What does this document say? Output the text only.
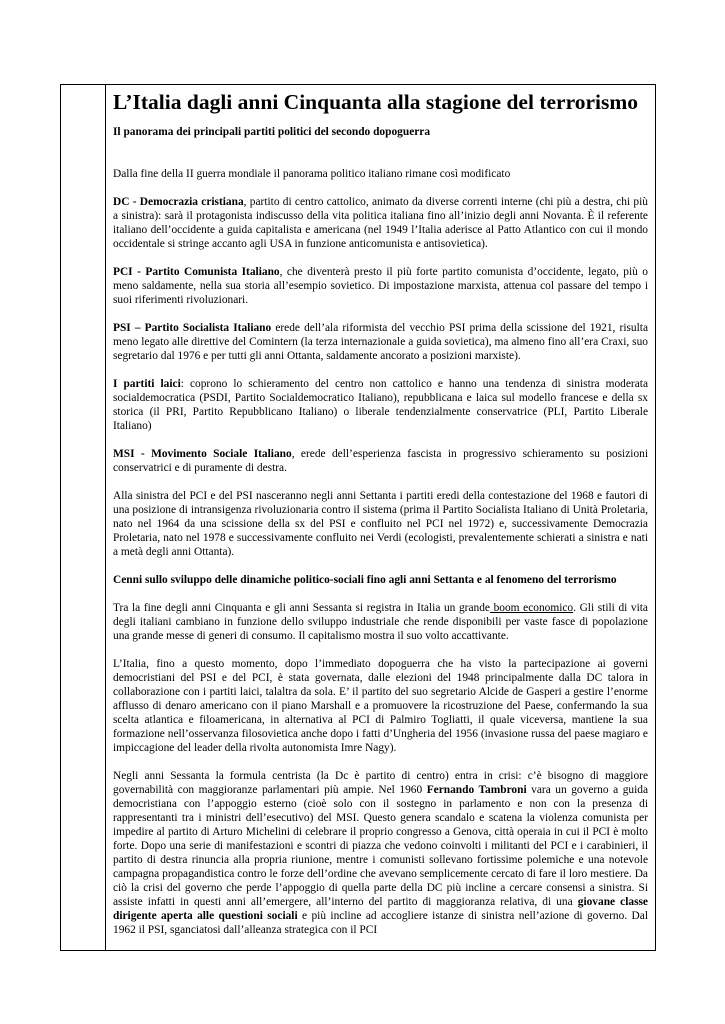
L’Italia dagli anni Cinquanta alla stagione del terrorismo

Il panorama dei principali partiti politici del secondo dopoguerra

Dalla fine della II guerra mondiale il panorama politico italiano rimane così modificato

DC - Democrazia cristiana, partito di centro cattolico, animato da diverse correnti interne (chi più a destra, chi più a sinistra): sarà il protagonista indiscusso della vita politica italiana fino all’inizio degli anni Novanta. È il referente italiano dell’occidente a guida capitalista e americana (nel 1949 l’Italia aderisce al Patto Atlantico con cui il mondo occidentale si stringe accanto agli USA in funzione anticomunista e antisovietica).

PCI - Partito Comunista Italiano, che diventerà presto il più forte partito comunista d’occidente, legato, più o meno saldamente, nella sua storia all’esempio sovietico. Di impostazione marxista, attenua col passare del tempo i suoi riferimenti rivoluzionari.

PSI – Partito Socialista Italiano erede dell’ala riformista del vecchio PSI prima della scissione del 1921, risulta meno legato alle direttive del Comintern (la terza internazionale a guida sovietica), ma almeno fino all’era Craxi, suo segretario dal 1976 e per tutti gli anni Ottanta, saldamente ancorato a posizioni marxiste).

I partiti laici: coprono lo schieramento del centro non cattolico e hanno una tendenza di sinistra moderata socialdemocratica (PSDI, Partito Socialdemocratico Italiano), repubblicana e laica sul modello francese e della sx storica (il PRI, Partito Repubblicano Italiano) o liberale tendenzialmente conservatrice (PLI, Partito Liberale Italiano)

MSI - Movimento Sociale Italiano, erede dell’esperienza fascista in progressivo schieramento su posizioni conservatrici e di puramente di destra.

Alla sinistra del PCI e del PSI nasceranno negli anni Settanta i partiti eredi della contestazione del 1968 e fautori di una posizione di intransigenza rivoluzionaria contro il sistema (prima il Partito Socialista Italiano di Unità Proletaria, nato nel 1964 da una scissione della sx del PSI e confluito nel PCI nel 1972) e, successivamente Democrazia Proletaria, nato nel 1978 e successivamente confluito nei Verdi (ecologisti, prevalentemente schierati a sinistra e nati a metà degli anni Ottanta).

Cenni sullo sviluppo delle dinamiche politico-sociali fino agli anni Settanta e al fenomeno del terrorismo

Tra la fine degli anni Cinquanta e gli anni Sessanta si registra in Italia un grande boom economico. Gli stili di vita degli italiani cambiano in funzione dello sviluppo industriale che rende disponibili per vaste fasce di popolazione una grande messe di generi di consumo. Il capitalismo mostra il suo volto accattivante.

L’Italia, fino a questo momento, dopo l’immediato dopoguerra che ha visto la partecipazione ai governi democristiani del PSI e del PCI, è stata governata, dalle elezioni del 1948 principalmente dalla DC talora in collaborazione con i partiti laici, talaltra da sola. E’ il partito del suo segretario Alcide de Gasperi a gestire l’enorme afflusso di denaro americano con il piano Marshall e a promuovere la ricostruzione del Paese, confermando la sua scelta atlantica e filoamericana, in alternativa al PCI di Palmiro Togliatti, il quale viceversa, mantiene la sua formazione nell’osservanza filosovietica anche dopo i fatti d’Ungheria del 1956 (invasione russa del paese magiaro e impiccagione del leader della rivolta autonomista Imre Nagy).

Negli anni Sessanta la formula centrista (la Dc è partito di centro) entra in crisi: c’è bisogno di maggiore governabilità con maggioranze parlamentari più ampie. Nel 1960 Fernando Tambroni vara un governo a guida democristiana con l’appoggio esterno (cioè solo con il sostegno in parlamento e non con la presenza di rappresentanti tra i ministri dell’esecutivo) del MSI. Questo genera scandalo e scatena la violenza comunista per impedire al partito di Arturo Michelini di celebrare il proprio congresso a Genova, città operaia in cui il PCI è molto forte. Dopo una serie di manifestazioni e scontri di piazza che vedono coinvolti i militanti del PCI e i carabinieri, il partito di destra rinuncia alla propria riunione, mentre i comunisti sollevano fortissime polemiche e una notevole campagna propagandistica contro le forze dell’ordine che avevano semplicemente cercato di fare il loro mestiere. Da ciò la crisi del governo che perde l’appoggio di quella parte della DC più incline a cercare consensi a sinistra. Si assiste infatti in questi anni all’emergere, all’interno del partito di maggioranza relativa, di una giovane classe dirigente aperta alle questioni sociali e più incline ad accogliere istanze di sinistra nell’azione di governo. Dal 1962 il PSI, sganciatosi dall’alleanza strategica con il PCI
